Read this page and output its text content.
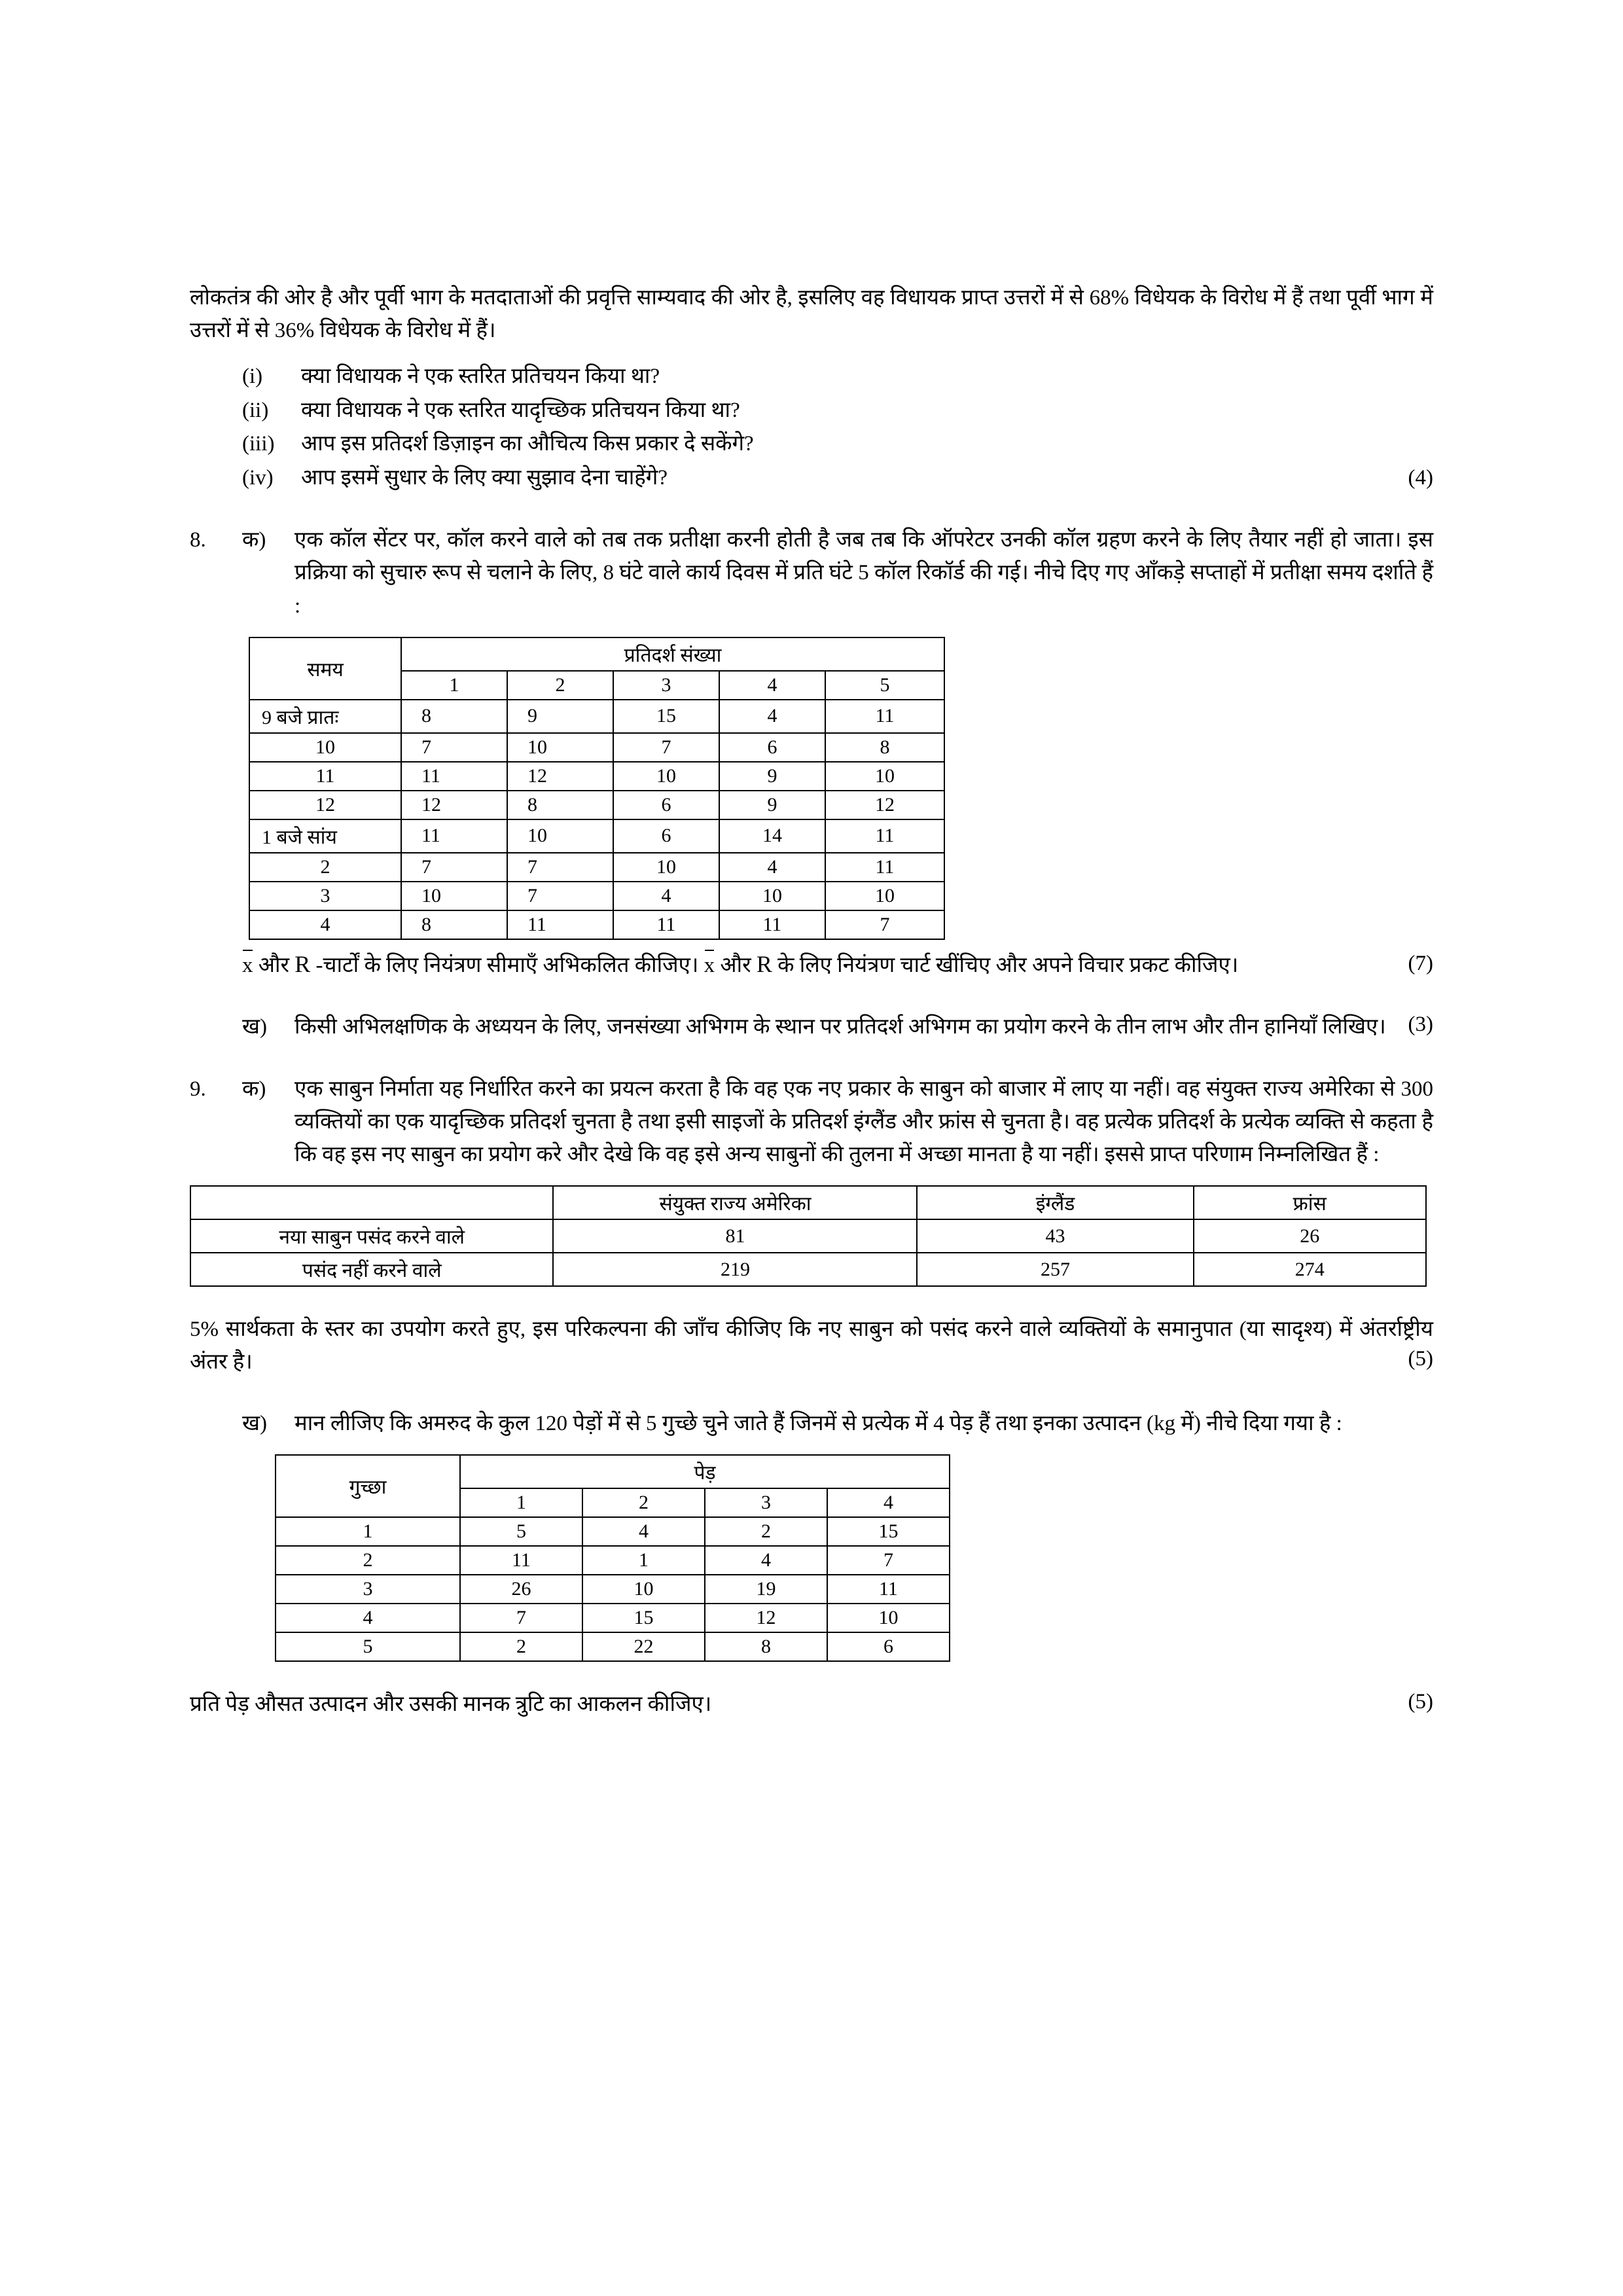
लोकतंत्र की ओर है और पूर्वी भाग के मतदाताओं की प्रवृत्ति साम्यवाद की ओर है, इसलिए वह विधायक प्राप्त उत्तरों में से 68% विधेयक के विरोध में हैं तथा पूर्वी भाग में उत्तरों में से 36% विधेयक के विरोध में हैं।

(i)	क्या विधायक ने एक स्तरित प्रतिचयन किया था?
(ii)	क्या विधायक ने एक स्तरित यादृच्छिक प्रतिचयन किया था?
(iii)	आप इस प्रतिदर्श डिज़ाइन का औचित्य किस प्रकार दे सकेंगे?
(iv)	आप इसमें सुधार के लिए क्या सुझाव देना चाहेंगे?	(4)
8.	क)	एक कॉल सेंटर पर, कॉल करने वाले को तब तक प्रतीक्षा करनी होती है जब तब कि ऑपरेटर उनकी कॉल ग्रहण करने के लिए तैयार नहीं हो जाता। इस प्रक्रिया को सुचारु रूप से चलाने के लिए, 8 घंटे वाले कार्य दिवस में प्रति घंटे 5 कॉल रिकॉर्ड की गई। नीचे दिए गए आँकड़े सप्ताहों में प्रतीक्षा समय दर्शाते हैं :
समय	प्रतिदर्श संख्या				
	1	2	3	4	5
9 बजे प्रातः	8	9	15	4	11
10	7	10	7	6	8
11	11	12	10	9	10
12	12	8	6	9	12
1 बजे सांय	11	10	6	14	11
2	7	7	10	4	11
3	10	7	4	10	10
4	8	11	11	11	7

x और R -चार्टों के लिए नियंत्रण सीमाएँ अभिकलित कीजिए। x और R के लिए नियंत्रण चार्ट खींचिए और अपने विचार प्रकट कीजिए।	(7)
ख)	किसी अभिलक्षणिक के अध्ययन के लिए, जनसंख्या अभिगम के स्थान पर प्रतिदर्श अभिगम का प्रयोग करने के तीन लाभ और तीन हानियाँ लिखिए।	(3)
9.	क)	एक साबुन निर्माता यह निर्धारित करने का प्रयत्न करता है कि वह एक नए प्रकार के साबुन को बाजार में लाए या नहीं। वह संयुक्त राज्य अमेरिका से 300 व्यक्तियों का एक यादृच्छिक प्रतिदर्श चुनता है तथा इसी साइजों के प्रतिदर्श इंग्लैंड और फ्रांस से चुनता है। वह प्रत्येक प्रतिदर्श के प्रत्येक व्यक्ति से कहता है कि वह इस नए साबुन का प्रयोग करे और देखे कि वह इसे अन्य साबुनों की तुलना में अच्छा मानता है या नहीं। इससे प्राप्त परिणाम निम्नलिखित हैं :
	संयुक्त राज्य अमेरिका	इंग्लैंड	फ्रांस
नया साबुन पसंद करने वाले	81	43	26
पसंद नहीं करने वाले	219	257	274

5% सार्थकता के स्तर का उपयोग करते हुए, इस परिकल्पना की जाँच कीजिए कि नए साबुन को पसंद करने वाले व्यक्तियों के समानुपात (या सादृश्य) में अंतर्राष्ट्रीय अंतर है।	(5)
ख)	मान लीजिए कि अमरुद के कुल 120 पेड़ों में से 5 गुच्छे चुने जाते हैं जिनमें से प्रत्येक में 4 पेड़ हैं तथा इनका उत्पादन (kg में) नीचे दिया गया है :
गुच्छा	पेड़			
	1	2	3	4
1	5	4	2	15
2	11	1	4	7
3	26	10	19	11
4	7	15	12	10
5	2	22	8	6

प्रति पेड़ औसत उत्पादन और उसकी मानक त्रुटि का आकलन कीजिए।	(5)
